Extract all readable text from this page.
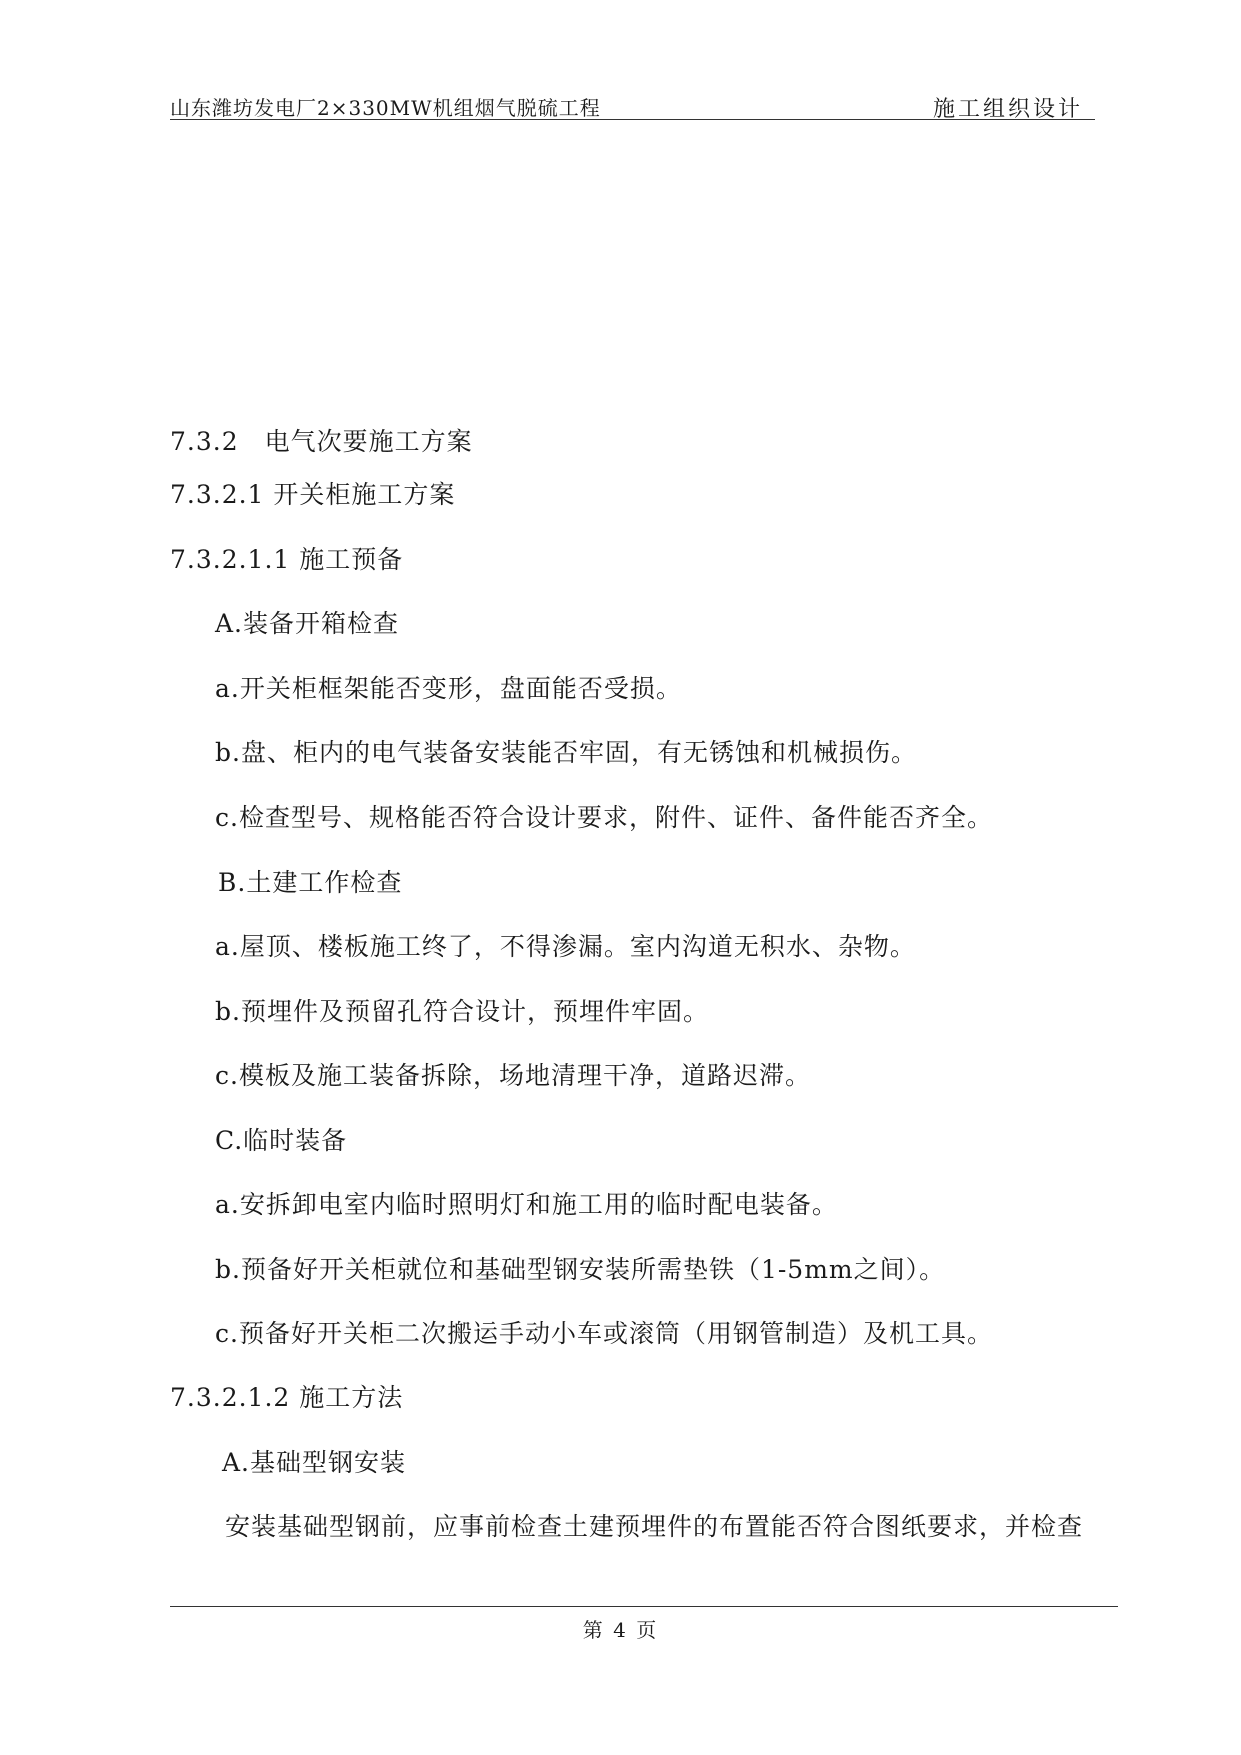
山东潍坊发电厂2×330MW机组烟气脱硫工程	施工组织设计
7.3.2　电气次要施工方案
7.3.2.1 开关柜施工方案
7.3.2.1.1 施工预备
A.装备开箱检查
a.开关柜框架能否变形，盘面能否受损。
b.盘、柜内的电气装备安装能否牢固，有无锈蚀和机械损伤。
c.检查型号、规格能否符合设计要求，附件、证件、备件能否齐全。
B.土建工作检查
a.屋顶、楼板施工终了，不得渗漏。室内沟道无积水、杂物。
b.预埋件及预留孔符合设计，预埋件牢固。
c.模板及施工装备拆除，场地清理干净，道路迟滞。
C.临时装备
a.安拆卸电室内临时照明灯和施工用的临时配电装备。
b.预备好开关柜就位和基础型钢安装所需垫铁（1-5mm之间）。
c.预备好开关柜二次搬运手动小车或滚筒（用钢管制造）及机工具。
7.3.2.1.2 施工方法
A.基础型钢安装
安装基础型钢前，应事前检查土建预埋件的布置能否符合图纸要求，并检查
第 4 页
